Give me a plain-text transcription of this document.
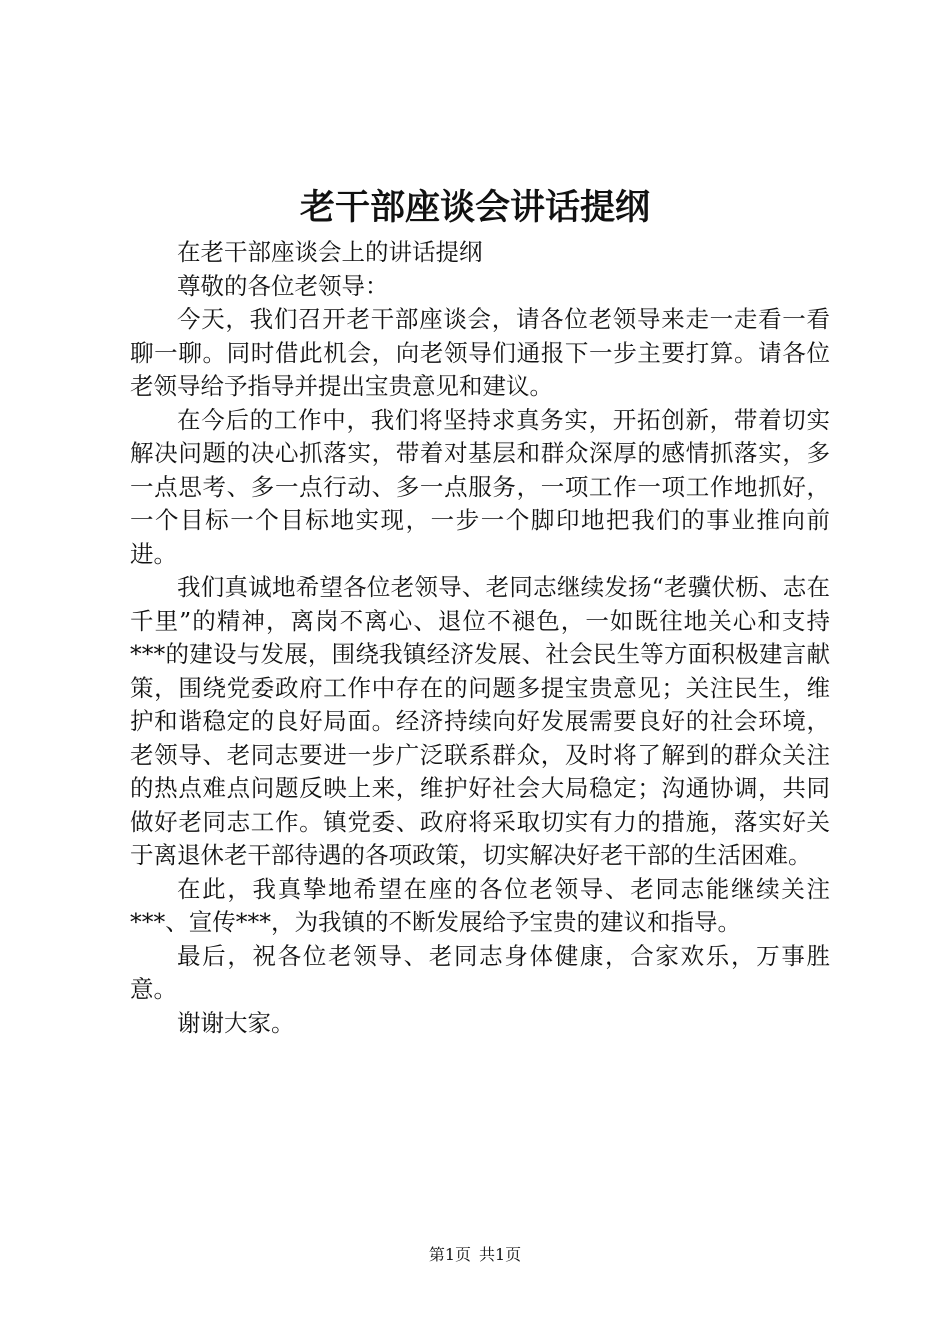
老干部座谈会讲话提纲

在老干部座谈会上的讲话提纲

尊敬的各位老领导：

今天，我们召开老干部座谈会，请各位老领导来走一走看一看聊一聊。同时借此机会，向老领导们通报下一步主要打算。请各位老领导给予指导并提出宝贵意见和建议。

在今后的工作中，我们将坚持求真务实，开拓创新，带着切实解决问题的决心抓落实，带着对基层和群众深厚的感情抓落实，多一点思考、多一点行动、多一点服务，一项工作一项工作地抓好，一个目标一个目标地实现，一步一个脚印地把我们的事业推向前进。

我们真诚地希望各位老领导、老同志继续发扬“老骥伏枥、志在千里”的精神，离岗不离心、退位不褪色，一如既往地关心和支持***的建设与发展，围绕我镇经济发展、社会民生等方面积极建言献策，围绕党委政府工作中存在的问题多提宝贵意见；关注民生，维护和谐稳定的良好局面。经济持续向好发展需要良好的社会环境，老领导、老同志要进一步广泛联系群众，及时将了解到的群众关注的热点难点问题反映上来，维护好社会大局稳定；沟通协调，共同做好老同志工作。镇党委、政府将采取切实有力的措施，落实好关于离退休老干部待遇的各项政策，切实解决好老干部的生活困难。

在此，我真挚地希望在座的各位老领导、老同志能继续关注***、宣传***，为我镇的不断发展给予宝贵的建议和指导。

最后，祝各位老领导、老同志身体健康，合家欢乐，万事胜意。

谢谢大家。

第1页 共1页
